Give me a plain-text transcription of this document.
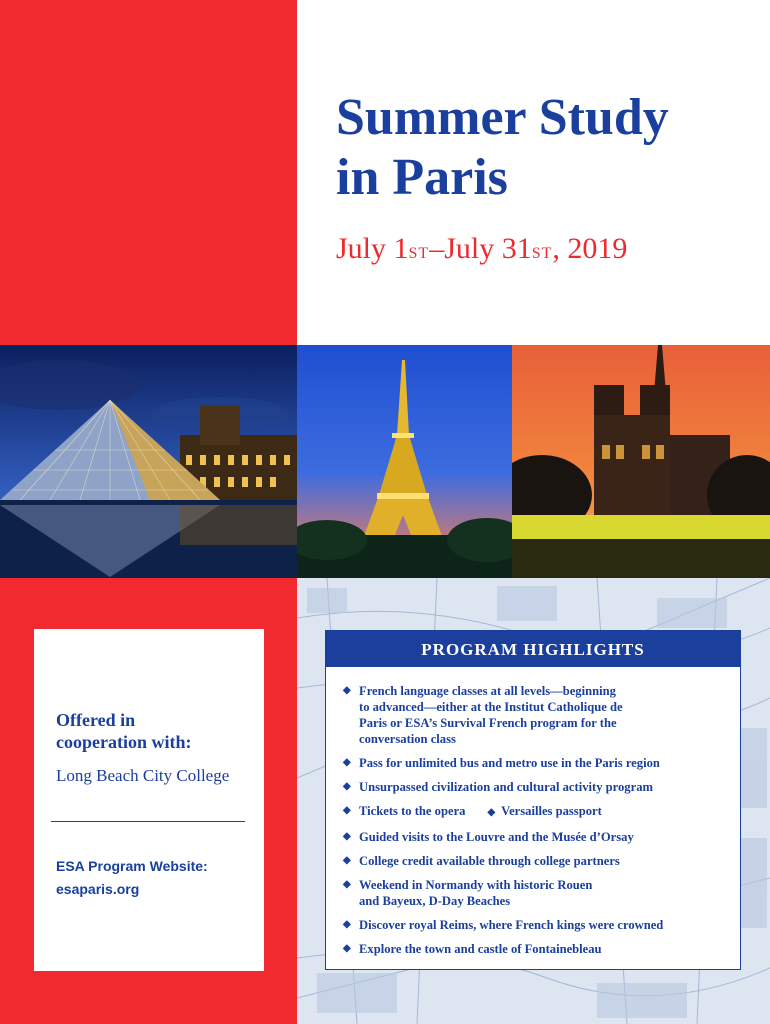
Summer Study
in Paris
July 1ST–July 31ST, 2019
Offered in
cooperation with:
Long Beach City College
ESA Program Website:
esaparis.org
PROGRAM HIGHLIGHTS
◆ French language classes at all levels—beginning
to advanced—either at the Institut Catholique de
Paris or ESA’s Survival French program for the
conversation class
◆ Pass for unlimited bus and metro use in the Paris region
◆ Unsurpassed civilization and cultural activity program
◆ Tickets to the opera ◆ Versailles passport
◆ Guided visits to the Louvre and the Musée d’Orsay
◆ College credit available through college partners
◆ Weekend in Normandy with historic Rouen
and Bayeux, D-Day Beaches
◆ Discover royal Reims, where French kings were crowned
◆ Explore the town and castle of Fontainebleau
